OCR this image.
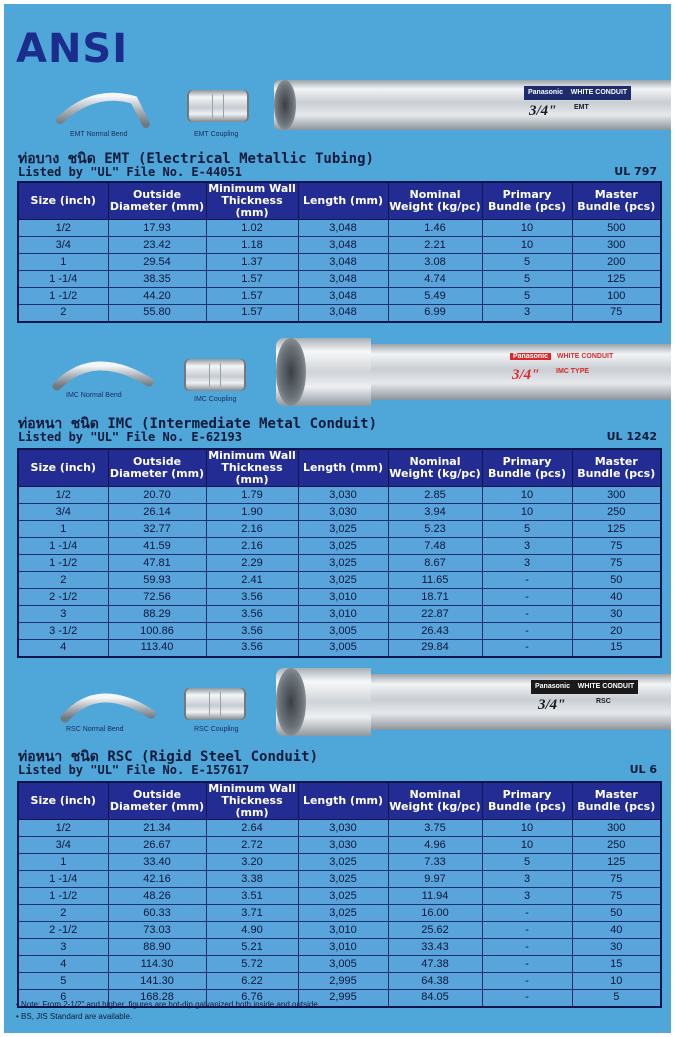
ANSI
EMT Normal Bend	EMT Coupling
Panasonic WHITE CONDUIT
3/4"	EMT
ท่อบาง ชนิด EMT (Electrical Metallic Tubing)
Listed by "UL" File No. E-44051	UL 797
Size (inch)	Outside Diameter (mm)	Minimum Wall Thickness (mm)	Length (mm)	Nominal Weight (kg/pc)	Primary Bundle (pcs)	Master Bundle (pcs)
1/2	17.93	1.02	3,048	1.46	10	500
3/4	23.42	1.18	3,048	2.21	10	300
1	29.54	1.37	3,048	3.08	5	200
1 -1/4	38.35	1.57	3,048	4.74	5	125
1 -1/2	44.20	1.57	3,048	5.49	5	100
2	55.80	1.57	3,048	6.99	3	75
IMC Normal Bend
IMC Coupling
Panasonic WHITE CONDUIT
3/4" IMC TYPE
ท่อหนา ชนิด IMC (Intermediate Metal Conduit)
Listed by "UL" File No. E-62193	UL 1242
Size (inch)	Outside Diameter (mm)	Minimum Wall Thickness (mm)	Length (mm)	Nominal Weight (kg/pc)	Primary Bundle (pcs)	Master Bundle (pcs)
1/2	20.70	1.79	3,030	2.85	10	300
3/4	26.14	1.90	3,030	3.94	10	250
1	32.77	2.16	3,025	5.23	5	125
1 -1/4	41.59	2.16	3,025	7.48	3	75
1 -1/2	47.81	2.29	3,025	8.67	3	75
2	59.93	2.41	3,025	11.65	-	50
2 -1/2	72.56	3.56	3,010	18.71	-	40
3	88.29	3.56	3,010	22.87	-	30
3 -1/2	100.86	3.56	3,005	26.43	-	20
4	113.40	3.56	3,005	29.84	-	15
RSC Normal Bend	RSC Coupling
Panasonic WHITE CONDUIT
3/4"	RSC
ท่อหนา ชนิด RSC (Rigid Steel Conduit)
Listed by "UL" File No. E-157617	UL 6
Size (inch)	Outside Diameter (mm)	Minimum Wall Thickness (mm)	Length (mm)	Nominal Weight (kg/pc)	Primary Bundle (pcs)	Master Bundle (pcs)
1/2	21.34	2.64	3,030	3.75	10	300
3/4	26.67	2.72	3,030	4.96	10	250
1	33.40	3.20	3,025	7.33	5	125
1 -1/4	42.16	3.38	3,025	9.97	3	75
1 -1/2	48.26	3.51	3,025	11.94	3	75
2	60.33	3.71	3,025	16.00	-	50
2 -1/2	73.03	4.90	3,010	25.62	-	40
3	88.90	5.21	3,010	33.43	-	30
4	114.30	5.72	3,005	47.38	-	15
5	141.30	6.22	2,995	64.38	-	10
6	168.28	6.76	2,995	84.05	-	5
• Note: From 2-1/2" and higher, figures are hot-dip galvanized both inside and outside.
• BS, JIS Standard are available.
